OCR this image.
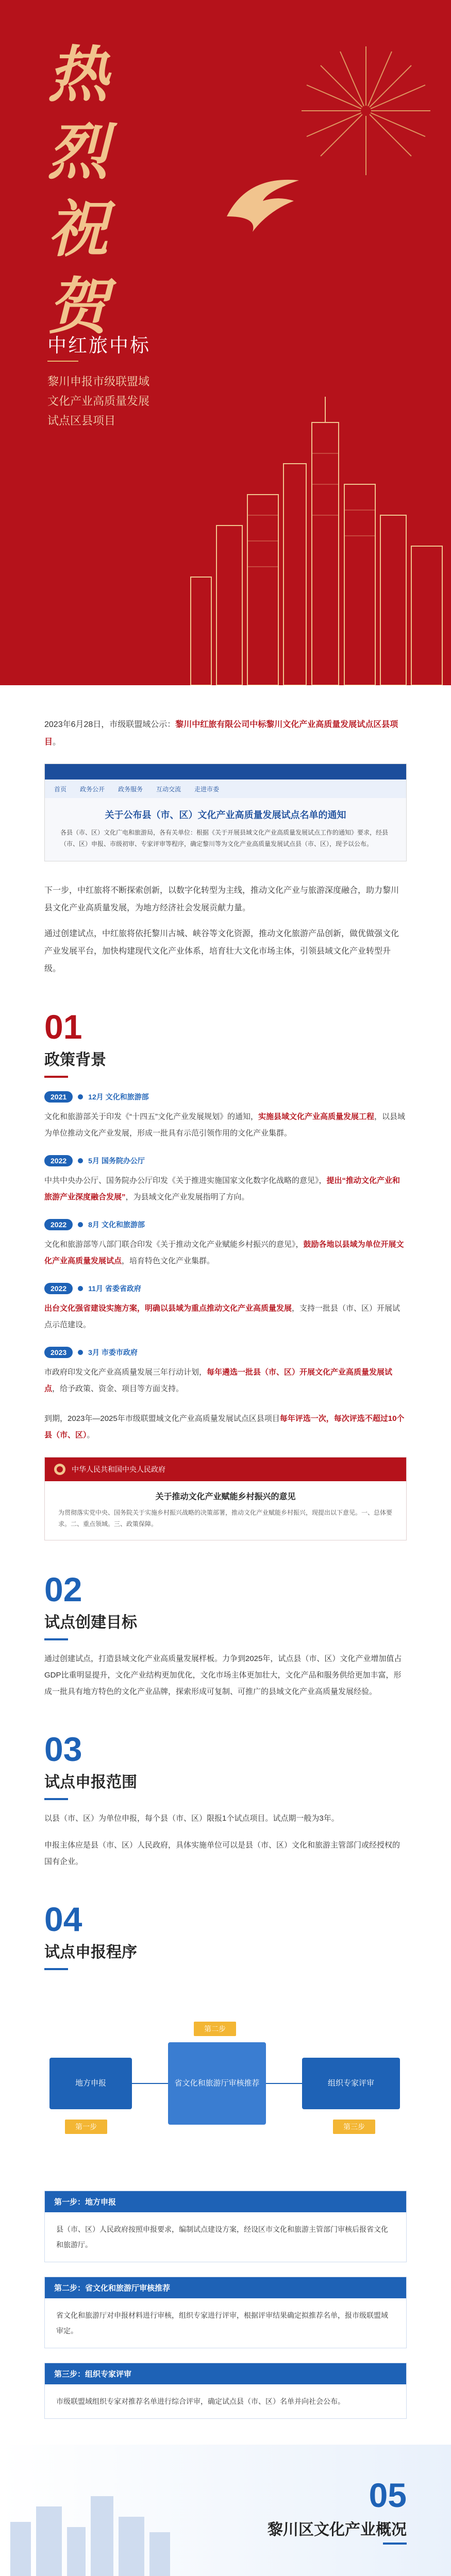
热
烈
祝
贺
中红旅中标
黎川申报市级联盟域
文化产业高质量发展
试点区县项目
2023年6月28日，市级联盟域公示：黎川中红旅有限公司中标黎川文化产业高质量发展试点区县项目。
首页 政务公开 政务服务 互动交流 走进市委
关于公布县（市、区）文化产业高质量发展试点名单的通知
各县（市、区）文化广电和旅游局，各有关单位：根据《关于开展县域文化产业高质量发展试点工作的通知》要求，经县（市、区）申报、市级初审、专家评审等程序，确定黎川等为文化产业高质量发展试点县（市、区），现予以公布。
下一步，中红旅将不断探索创新，以数字化转型为主线，推动文化产业与旅游深度融合，助力黎川县文化产业高质量发展，为地方经济社会发展贡献力量。
通过创建试点，中红旅将依托黎川古城、峡谷等文化资源，推动文化旅游产品创新，做优做强文化产业发展平台，加快构建现代文化产业体系，培育壮大文化市场主体，引领县域文化产业转型升级。
01
政策背景
2021	12月 文化和旅游部
文化和旅游部关于印发《“十四五”文化产业发展规划》的通知，实施县域文化产业高质量发展工程，以县域为单位推动文化产业发展，形成一批具有示范引领作用的文化产业集群。
2022	5月 国务院办公厅
中共中央办公厅、国务院办公厅印发《关于推进实施国家文化数字化战略的意见》，提出“推动文化产业和旅游产业深度融合发展”，为县域文化产业发展指明了方向。
2022	8月 文化和旅游部
文化和旅游部等八部门联合印发《关于推动文化产业赋能乡村振兴的意见》，鼓励各地以县域为单位开展文化产业高质量发展试点，培育特色文化产业集群。
2022	11月 省委省政府
出台文化强省建设实施方案，明确以县域为重点推动文化产业高质量发展，支持一批县（市、区）开展试点示范建设。
2023	3月 市委市政府
市政府印发文化产业高质量发展三年行动计划，每年遴选一批县（市、区）开展文化产业高质量发展试点，给予政策、资金、项目等方面支持。
到期，2023年—2025年市级联盟域文化产业高质量发展试点区县项目每年评选一次，每次评选不超过10个县（市、区）。
中华人民共和国中央人民政府
关于推动文化产业赋能乡村振兴的意见
为贯彻落实党中央、国务院关于实施乡村振兴战略的决策部署，推动文化产业赋能乡村振兴，现提出以下意见。一、总体要求。二、重点领域。三、政策保障。
02
试点创建目标
通过创建试点，打造县域文化产业高质量发展样板。力争到2025年，试点县（市、区）文化产业增加值占GDP比重明显提升，文化产业结构更加优化，文化市场主体更加壮大，文化产品和服务供给更加丰富，形成一批具有地方特色的文化产业品牌，探索形成可复制、可推广的县域文化产业高质量发展经验。
03
试点申报范围
以县（市、区）为单位申报，每个县（市、区）限报1个试点项目。试点期一般为3年。
申报主体应是县（市、区）人民政府，具体实施单位可以是县（市、区）文化和旅游主管部门或经授权的国有企业。
04
试点申报程序
地方申报	省文化和旅游厅审核推荐	组织专家评审
第一步
第二步
第三步
第一步：地方申报
县（市、区）人民政府按照申报要求，编制试点建设方案，经设区市文化和旅游主管部门审核后报省文化和旅游厅。
第二步：省文化和旅游厅审核推荐
省文化和旅游厅对申报材料进行审核，组织专家进行评审，根据评审结果确定拟推荐名单，报市级联盟域审定。
第三步：组织专家评审
市级联盟域组织专家对推荐名单进行综合评审，确定试点县（市、区）名单并向社会公布。
05
黎川区文化产业概况
